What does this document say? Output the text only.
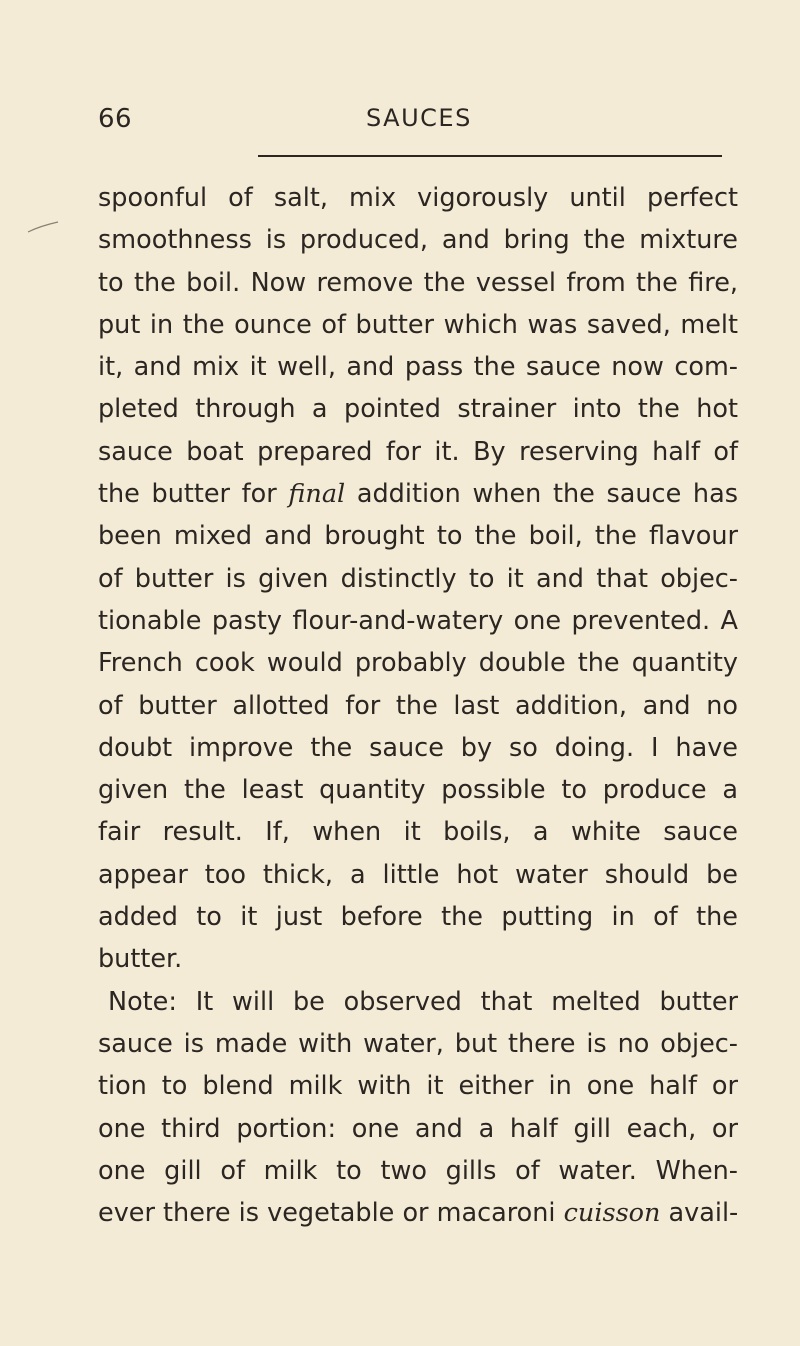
66	SAUCES
spoonful of salt, mix vigorously until perfect
smoothness is produced, and bring the mixture
to the boil. Now remove the vessel from the fire,
put in the ounce of butter which was saved, melt
it, and mix it well, and pass the sauce now com-
pleted through a pointed strainer into the hot
sauce boat prepared for it. By reserving half of
the butter for final addition when the sauce has
been mixed and brought to the boil, the flavour
of butter is given distinctly to it and that objec-
tionable pasty flour-and-watery one prevented. A
French cook would probably double the quantity
of butter allotted for the last addition, and no
doubt improve the sauce by so doing. I have
given the least quantity possible to produce a
fair result. If, when it boils, a white sauce
appear too thick, a little hot water should be
added to it just before the putting in of the
butter.
Note: It will be observed that melted butter
sauce is made with water, but there is no objec-
tion to blend milk with it either in one half or
one third portion: one and a half gill each, or
one gill of milk to two gills of water. When-
ever there is vegetable or macaroni cuisson avail-
